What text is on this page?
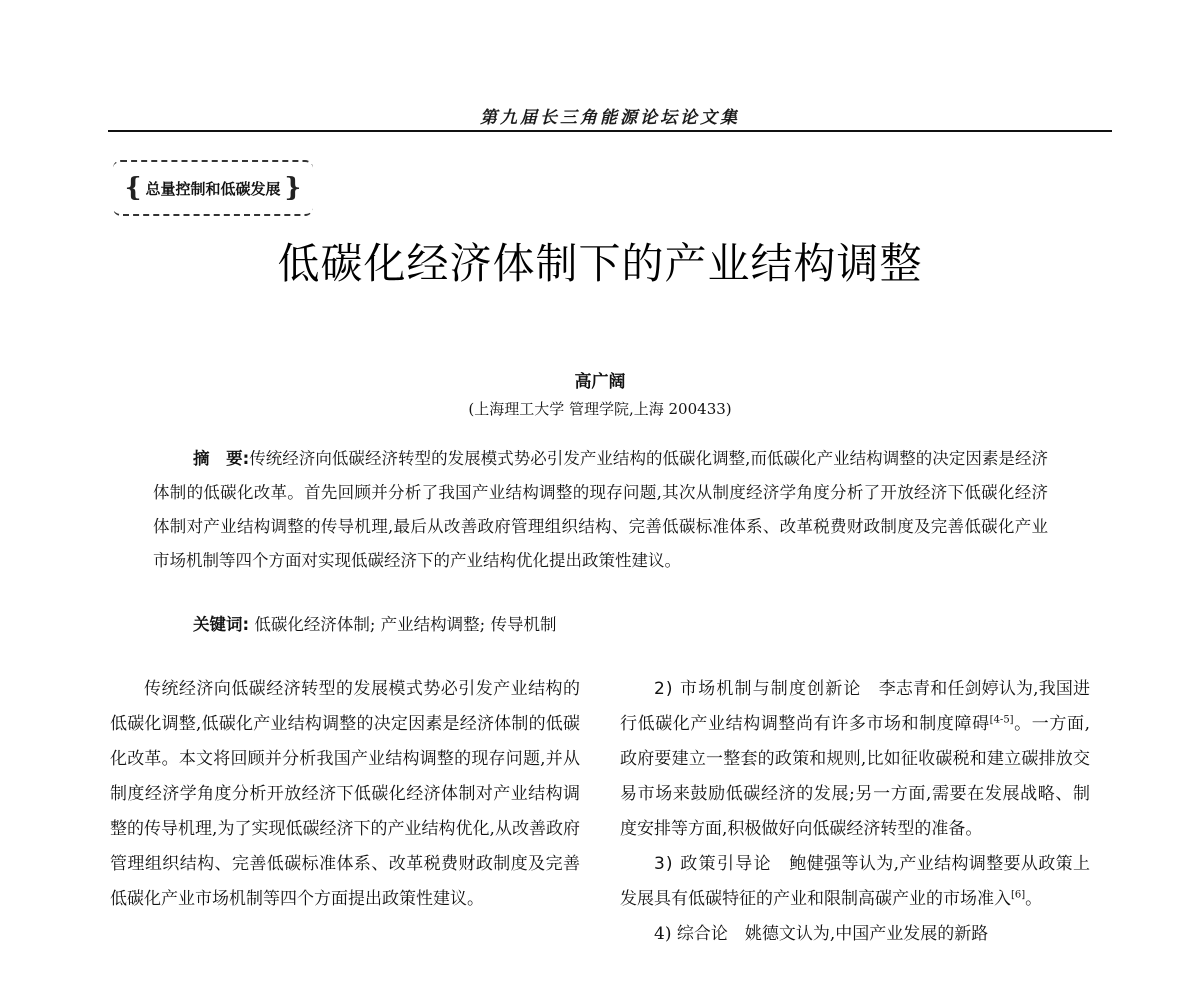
第九届长三角能源论坛论文集
{ 总量控制和低碳发展 }
低碳化经济体制下的产业结构调整
高广阔
(上海理工大学 管理学院,上海 200433)
摘　要:传统经济向低碳经济转型的发展模式势必引发产业结构的低碳化调整,而低碳化产业结构调整的决定因素是经济体制的低碳化改革。首先回顾并分析了我国产业结构调整的现存问题,其次从制度经济学角度分析了开放经济下低碳化经济体制对产业结构调整的传导机理,最后从改善政府管理组织结构、完善低碳标准体系、改革税费财政制度及完善低碳化产业市场机制等四个方面对实现低碳经济下的产业结构优化提出政策性建议。
关键词: 低碳化经济体制; 产业结构调整; 传导机制

传统经济向低碳经济转型的发展模式势必引发产业结构的低碳化调整,低碳化产业结构调整的决定因素是经济体制的低碳化改革。本文将回顾并分析我国产业结构调整的现存问题,并从制度经济学角度分析开放经济下低碳化经济体制对产业结构调整的传导机理,为了实现低碳经济下的产业结构优化,从改善政府管理组织结构、完善低碳标准体系、改革税费财政制度及完善低碳化产业市场机制等四个方面提出政策性建议。

2) 市场机制与制度创新论　 李志青和任剑婷认为,我国进行低碳化产业结构调整尚有许多市场和制度障碍[4-5]。一方面,政府要建立一整套的政策和规则,比如征收碳税和建立碳排放交易市场来鼓励低碳经济的发展;另一方面,需要在发展战略、制度安排等方面,积极做好向低碳经济转型的准备。

3) 政策引导论　 鲍健强等认为,产业结构调整要从政策上发展具有低碳特征的产业和限制高碳产业的市场准入[6]。

4) 综合论　姚德文认为,中国产业发展的新路
